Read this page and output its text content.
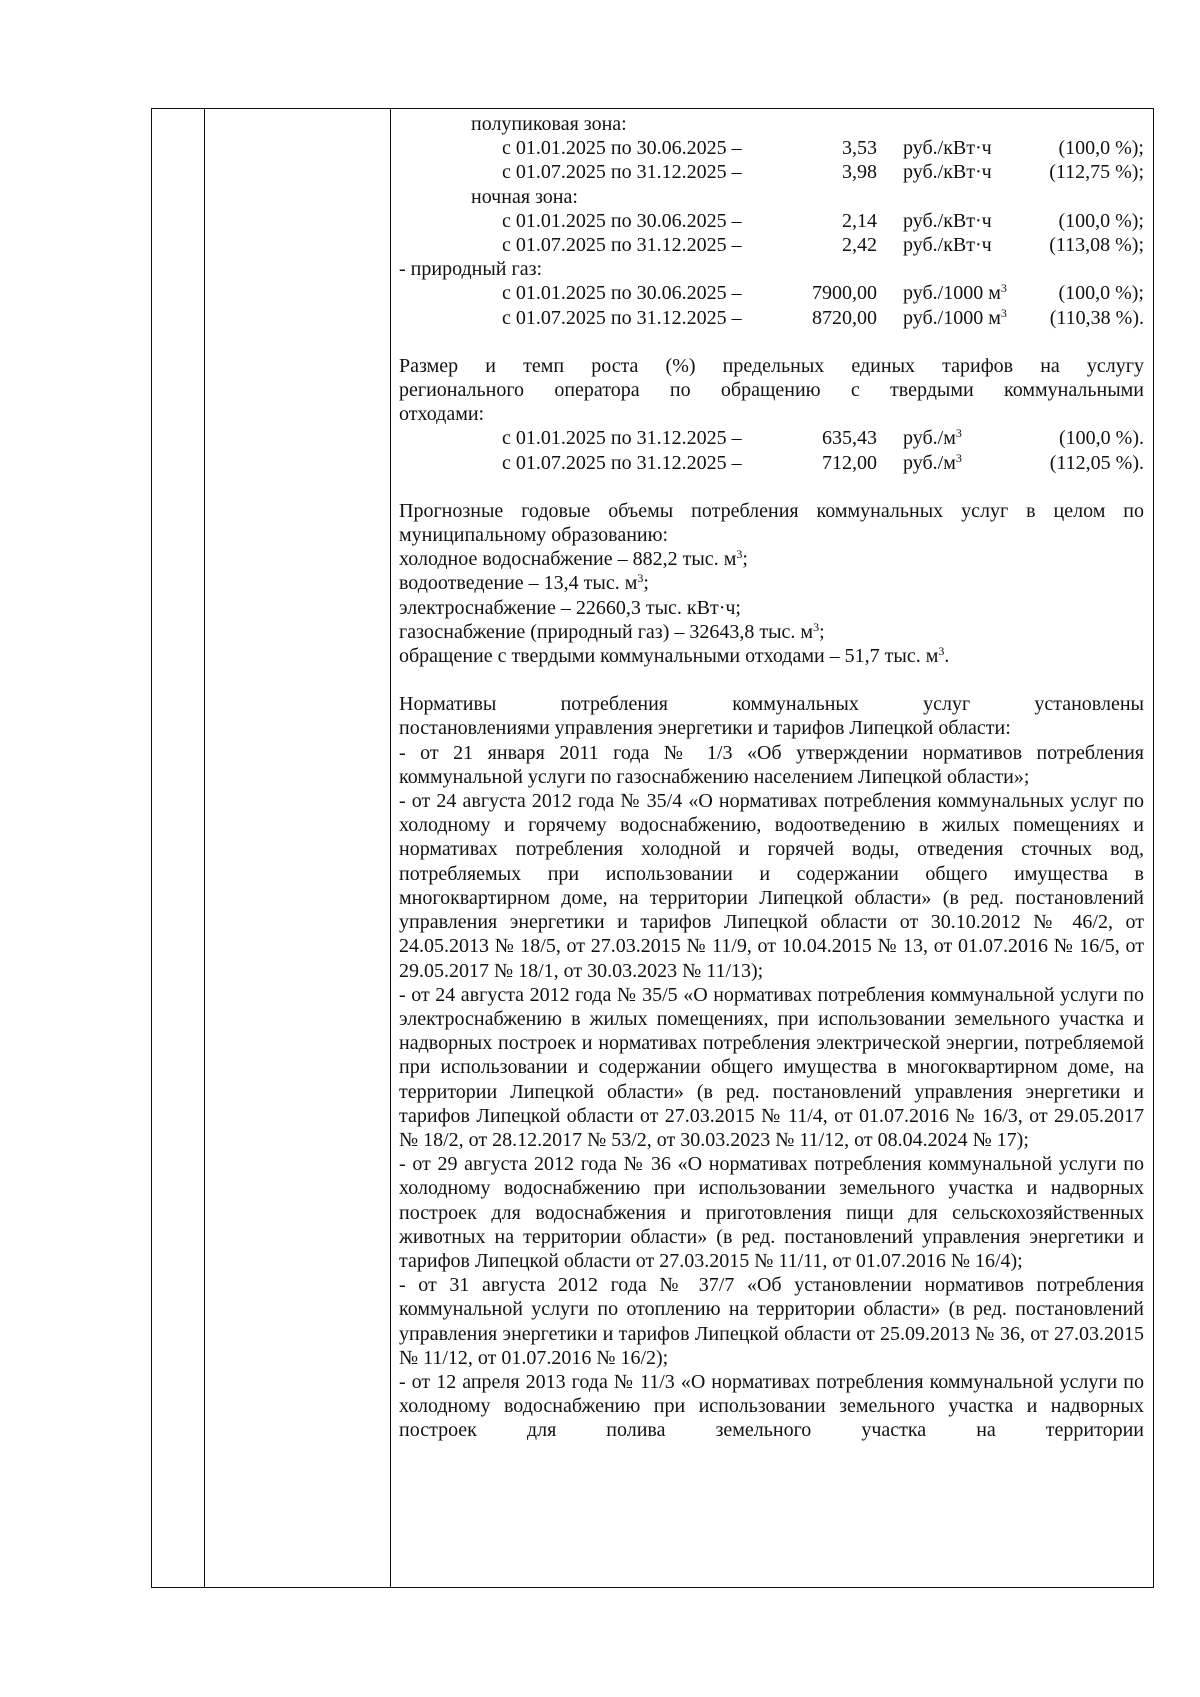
полупиковая зона:
с 01.01.2025 по 30.06.2025 –	3,53	руб./кВт·ч	(100,0 %);
с 01.07.2025 по 31.12.2025 –	3,98	руб./кВт·ч	(112,75 %);
ночная зона:
с 01.01.2025 по 30.06.2025 –	2,14	руб./кВт·ч	(100,0 %);
с 01.07.2025 по 31.12.2025 –	2,42	руб./кВт·ч	(113,08 %);
- природный газ:
с 01.01.2025 по 30.06.2025 –	7900,00	руб./1000 $м^3$	(100,0 %);
с 01.07.2025 по 31.12.2025 –	8720,00	руб./1000 $м^3$	(110,38 %).
Размер и темп роста (%) предельных единых тарифов на услугу
регионального оператора по обращению с твердыми коммунальными
отходами:
с 01.01.2025 по 31.12.2025 –	635,43	$руб./м^3$	(100,0 %).
с 01.07.2025 по 31.12.2025 –	712,00	$руб./м^3$	(112,05 %).
Прогнозные годовые объемы потребления коммунальных услуг в целом по
муниципальному образованию:
холодное водоснабжение – 882,2 тыс. $м^3$;
водоотведение – 13,4 тыс. $м^3$;
электроснабжение – 22660,3 тыс. кВт·ч;
газоснабжение (природный газ) – 32643,8 тыс. $м^3$;
обращение с твердыми коммунальными отходами – 51,7 тыс. $м^3$.
Нормативы потребления коммунальных услуг установлены
постановлениями управления энергетики и тарифов Липецкой области:
- от 21 января 2011 года № 1/3 «Об утверждении нормативов потребления коммунальной услуги по газоснабжению населением Липецкой области»;
- от 24 августа 2012 года № 35/4 «О нормативах потребления коммунальных услуг по холодному и горячему водоснабжению, водоотведению в жилых помещениях и нормативах потребления холодной и горячей воды, отведения сточных вод, потребляемых при использовании и содержании общего имущества в многоквартирном доме, на территории Липецкой области» (в ред. постановлений управления энергетики и тарифов Липецкой области от 30.10.2012 № 46/2, от 24.05.2013 № 18/5, от 27.03.2015 № 11/9, от 10.04.2015 № 13, от 01.07.2016 № 16/5, от 29.05.2017 № 18/1, от 30.03.2023 № 11/13);
- от 24 августа 2012 года № 35/5 «О нормативах потребления коммунальной услуги по электроснабжению в жилых помещениях, при использовании земельного участка и надворных построек и нормативах потребления электрической энергии, потребляемой при использовании и содержании общего имущества в многоквартирном доме, на территории Липецкой области» (в ред. постановлений управления энергетики и тарифов Липецкой области от 27.03.2015 № 11/4, от 01.07.2016 № 16/3, от 29.05.2017 № 18/2, от 28.12.2017 № 53/2, от 30.03.2023 № 11/12, от 08.04.2024 № 17);
- от 29 августа 2012 года № 36 «О нормативах потребления коммунальной услуги по холодному водоснабжению при использовании земельного участка и надворных построек для водоснабжения и приготовления пищи для сельскохозяйственных животных на территории области» (в ред. постановлений управления энергетики и тарифов Липецкой области от 27.03.2015 № 11/11, от 01.07.2016 № 16/4);
- от 31 августа 2012 года № 37/7 «Об установлении нормативов потребления коммунальной услуги по отоплению на территории области» (в ред. постановлений управления энергетики и тарифов Липецкой области от 25.09.2013 № 36, от 27.03.2015 № 11/12, от 01.07.2016 № 16/2);
- от 12 апреля 2013 года № 11/3 «О нормативах потребления коммунальной услуги по холодному водоснабжению при использовании земельного участка и надворных построек для полива земельного участка на территории
